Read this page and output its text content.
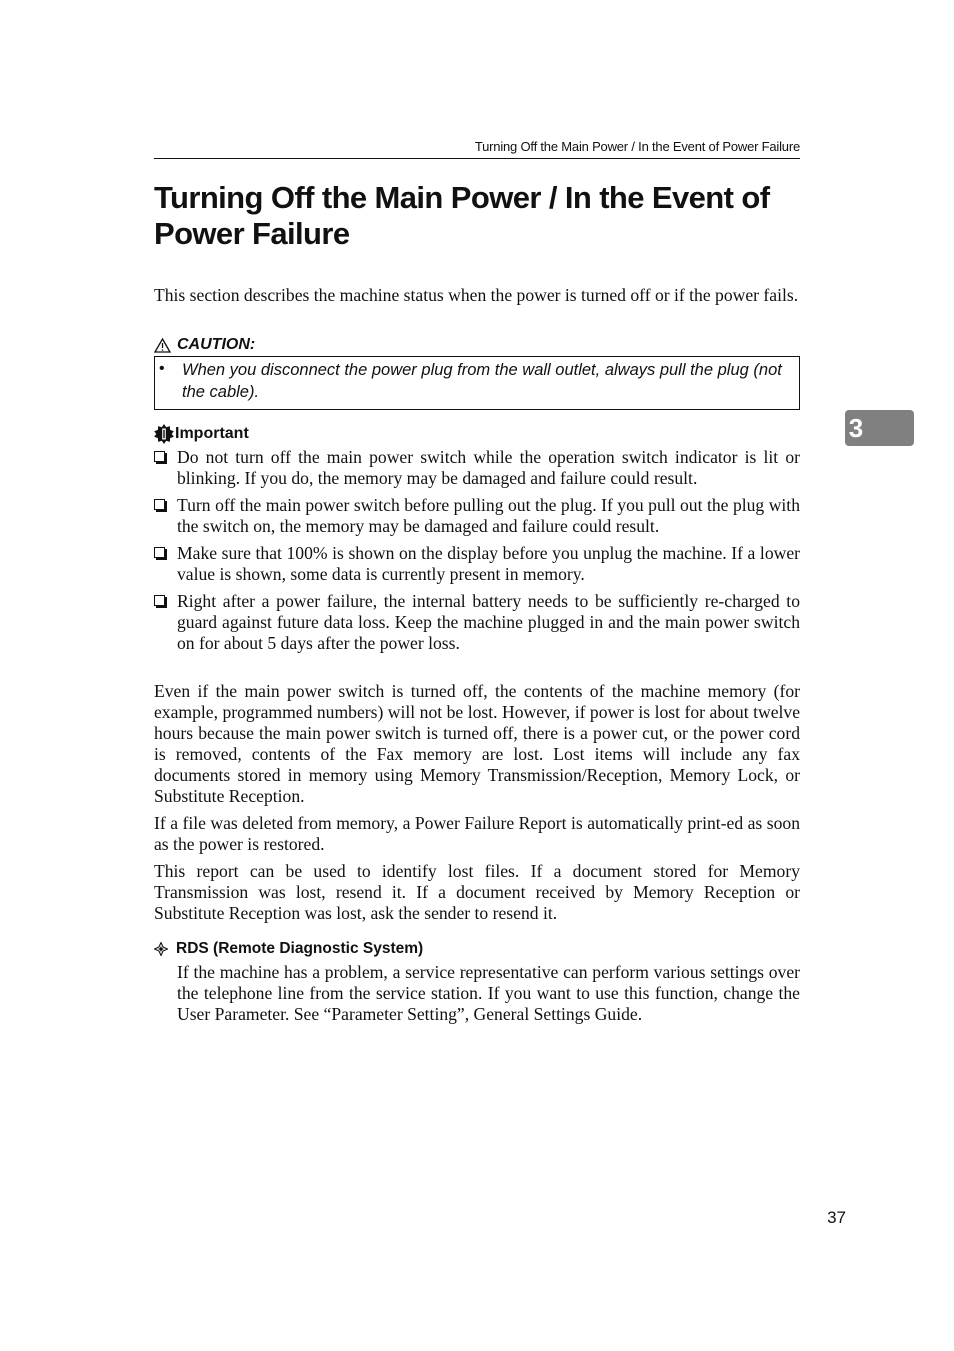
Turning Off the Main Power / In the Event of Power Failure
Turning Off the Main Power / In the Event of
Power Failure

This section describes the machine status when the power is turned off or if the power fails.

CAUTION:
• When you disconnect the power plug from the wall outlet, always pull the plug (not the cable).
Important
Do not turn off the main power switch while the operation switch indicator is lit or blinking. If you do, the memory may be damaged and failure could result.
Turn off the main power switch before pulling out the plug. If you pull out the plug with the switch on, the memory may be damaged and failure could result.
Make sure that 100% is shown on the display before you unplug the machine. If a lower value is shown, some data is currently present in memory.
Right after a power failure, the internal battery needs to be sufficiently re-charged to guard against future data loss. Keep the machine plugged in and the main power switch on for about 5 days after the power loss.

Even if the main power switch is turned off, the contents of the machine memory (for example, programmed numbers) will not be lost. However, if power is lost for about twelve hours because the main power switch is turned off, there is a power cut, or the power cord is removed, contents of the Fax memory are lost. Lost items will include any fax documents stored in memory using Memory Transmission/Reception, Memory Lock, or Substitute Reception.

If a file was deleted from memory, a Power Failure Report is automatically print-ed as soon as the power is restored.

This report can be used to identify lost files. If a document stored for Memory Transmission was lost, resend it. If a document received by Memory Reception or Substitute Reception was lost, ask the sender to resend it.

RDS (Remote Diagnostic System)

If the machine has a problem, a service representative can perform various settings over the telephone line from the service station. If you want to use this function, change the User Parameter. See “Parameter Setting”, General Settings Guide.

3
37
